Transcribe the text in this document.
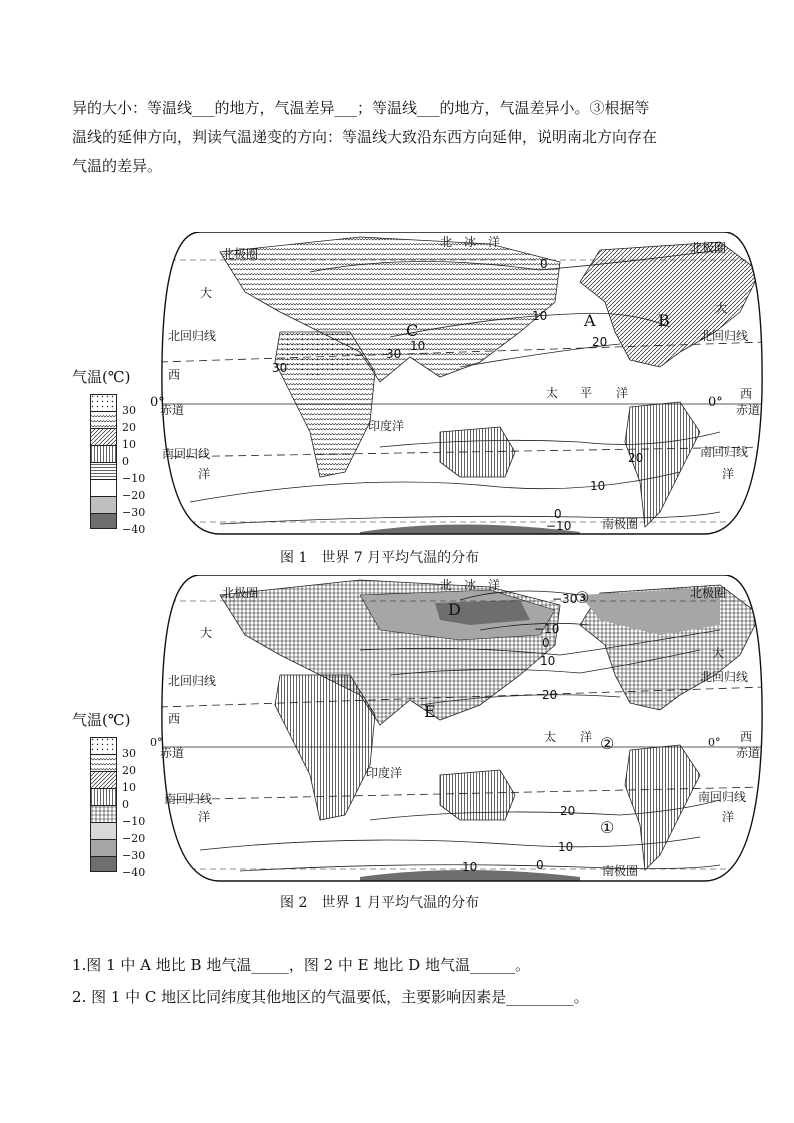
异的大小：等温线___的地方，气温差异___；等温线___的地方，气温差异小。③根据等

温线的延伸方向，判读气温递变的方向：等温线大致沿东西方向延伸，说明南北方向存在

气温的差异。

气温(℃)
30
20
10
0
−10
−20
−30
−40
北　冰　洋
北极圈	北极圈
大
大
北回归线	北回归线
西
西
赤道	赤道
印度洋
太 平 洋
南回归线	南回归线
洋	洋
南极圈
A	B
C
0
10
20
30
10
30
20
10
0
−10
图 1　世界 7 月平均气温的分布
0°	0°
气温(℃)
30
20
10
0
−10
−20
−30
−40
北　冰　洋
北极圈	北极圈
大
大
北回归线	北回归线
西
西
赤道	赤道
印度洋
太 洋
南回归线	南回归线
洋	洋
南极圈
D
E
③
②
①
−30
−10
0
10
20
20
10
10	0
0°	0°
图 2　世界 1 月平均气温的分布
1.图 1 中 A 地比 B 地气温_____，图 2 中 E 地比 D 地气温______。
2. 图 1 中 C 地区比同纬度其他地区的气温要低，主要影响因素是_________。
